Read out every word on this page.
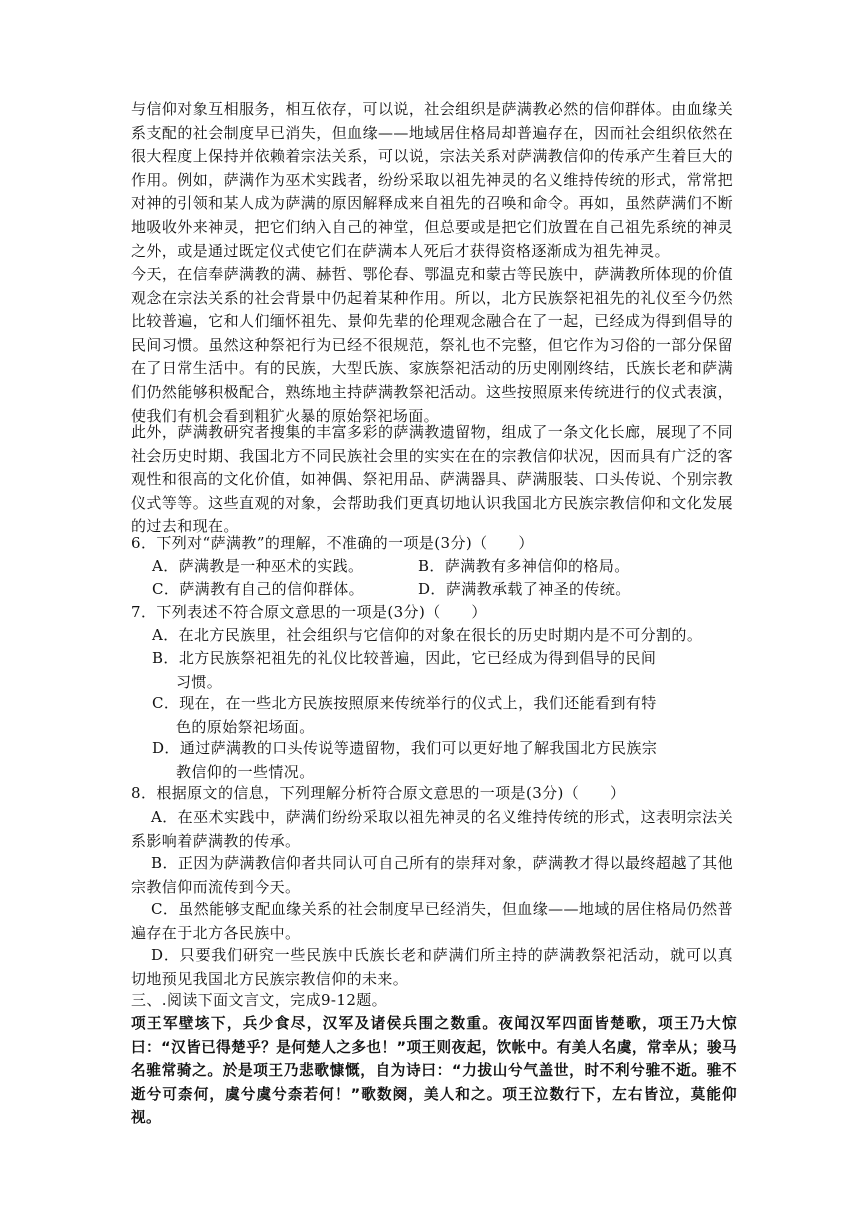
与信仰对象互相服务，相互依存，可以说，社会组织是萨满教必然的信仰群体。由血缘关系支配的社会制度早已消失，但血缘——地域居住格局却普遍存在，因而社会组织依然在很大程度上保持并依赖着宗法关系，可以说，宗法关系对萨满教信仰的传承产生着巨大的作用。例如，萨满作为巫术实践者，纷纷采取以祖先神灵的名义维持传统的形式，常常把对神的引领和某人成为萨满的原因解释成来自祖先的召唤和命令。再如，虽然萨满们不断地吸收外来神灵，把它们纳入自己的神堂，但总要或是把它们放置在自己祖先系统的神灵之外，或是通过既定仪式使它们在萨满本人死后才获得资格逐渐成为祖先神灵。
今天，在信奉萨满教的满、赫哲、鄂伦春、鄂温克和蒙古等民族中，萨满教所体现的价值观念在宗法关系的社会背景中仍起着某种作用。所以，北方民族祭祀祖先的礼仪至今仍然比较普遍，它和人们缅怀祖先、景仰先辈的伦理观念融合在了一起，已经成为得到倡导的民间习惯。虽然这种祭祀行为已经不很规范，祭礼也不完整，但它作为习俗的一部分保留在了日常生活中。有的民族，大型氏族、家族祭祀活动的历史刚刚终结，氏族长老和萨满们仍然能够积极配合，熟练地主持萨满教祭祀活动。这些按照原来传统进行的仪式表演，使我们有机会看到粗犷火暴的原始祭祀场面。
此外，萨满教研究者搜集的丰富多彩的萨满教遗留物，组成了一条文化长廊，展现了不同社会历史时期、我国北方不同民族社会里的实实在在的宗教信仰状况，因而具有广泛的客观性和很高的文化价值，如神偶、祭祀用品、萨满器具、萨满服装、口头传说、个别宗教仪式等等。这些直观的对象，会帮助我们更真切地认识我国北方民族宗教信仰和文化发展的过去和现在。
6．下列对“萨满教”的理解，不准确的一项是(3分)（　　）
A．萨满教是一种巫术的实践。	B．萨满教有多神信仰的格局。
C．萨满教有自己的信仰群体。	D．萨满教承载了神圣的传统。
7．下列表述不符合原文意思的一项是(3分)（　　）
A．在北方民族里，社会组织与它信仰的对象在很长的历史时期内是不可分割的。
B．北方民族祭祀祖先的礼仪比较普遍，因此，它已经成为得到倡导的民间
习惯。
C．现在，在一些北方民族按照原来传统举行的仪式上，我们还能看到有特
色的原始祭祀场面。
D．通过萨满教的口头传说等遗留物，我们可以更好地了解我国北方民族宗
教信仰的一些情况。
8．根据原文的信息，下列理解分析符合原文意思的一项是(3分)（　　）
A．在巫术实践中，萨满们纷纷采取以祖先神灵的名义维持传统的形式，这表明宗法关系影响着萨满教的传承。
B．正因为萨满教信仰者共同认可自己所有的崇拜对象，萨满教才得以最终超越了其他宗教信仰而流传到今天。
C．虽然能够支配血缘关系的社会制度早已经消失，但血缘——地域的居住格局仍然普遍存在于北方各民族中。
D．只要我们研究一些民族中氏族长老和萨满们所主持的萨满教祭祀活动，就可以真切地预见我国北方民族宗教信仰的未来。
三、.阅读下面文言文，完成9-12题。
项王军壁垓下，兵少食尽，汉军及诸侯兵围之数重。夜闻汉军四面皆楚歌，项王乃大惊曰：“汉皆已得楚乎？是何楚人之多也！”项王则夜起，饮帐中。有美人名虞，常幸从；骏马名骓常骑之。於是项王乃悲歌慷慨，自为诗曰：“力拔山兮气盖世，时不利兮骓不逝。骓不逝兮可柰何，虞兮虞兮柰若何！”歌数阕，美人和之。项王泣数行下，左右皆泣，莫能仰视。
